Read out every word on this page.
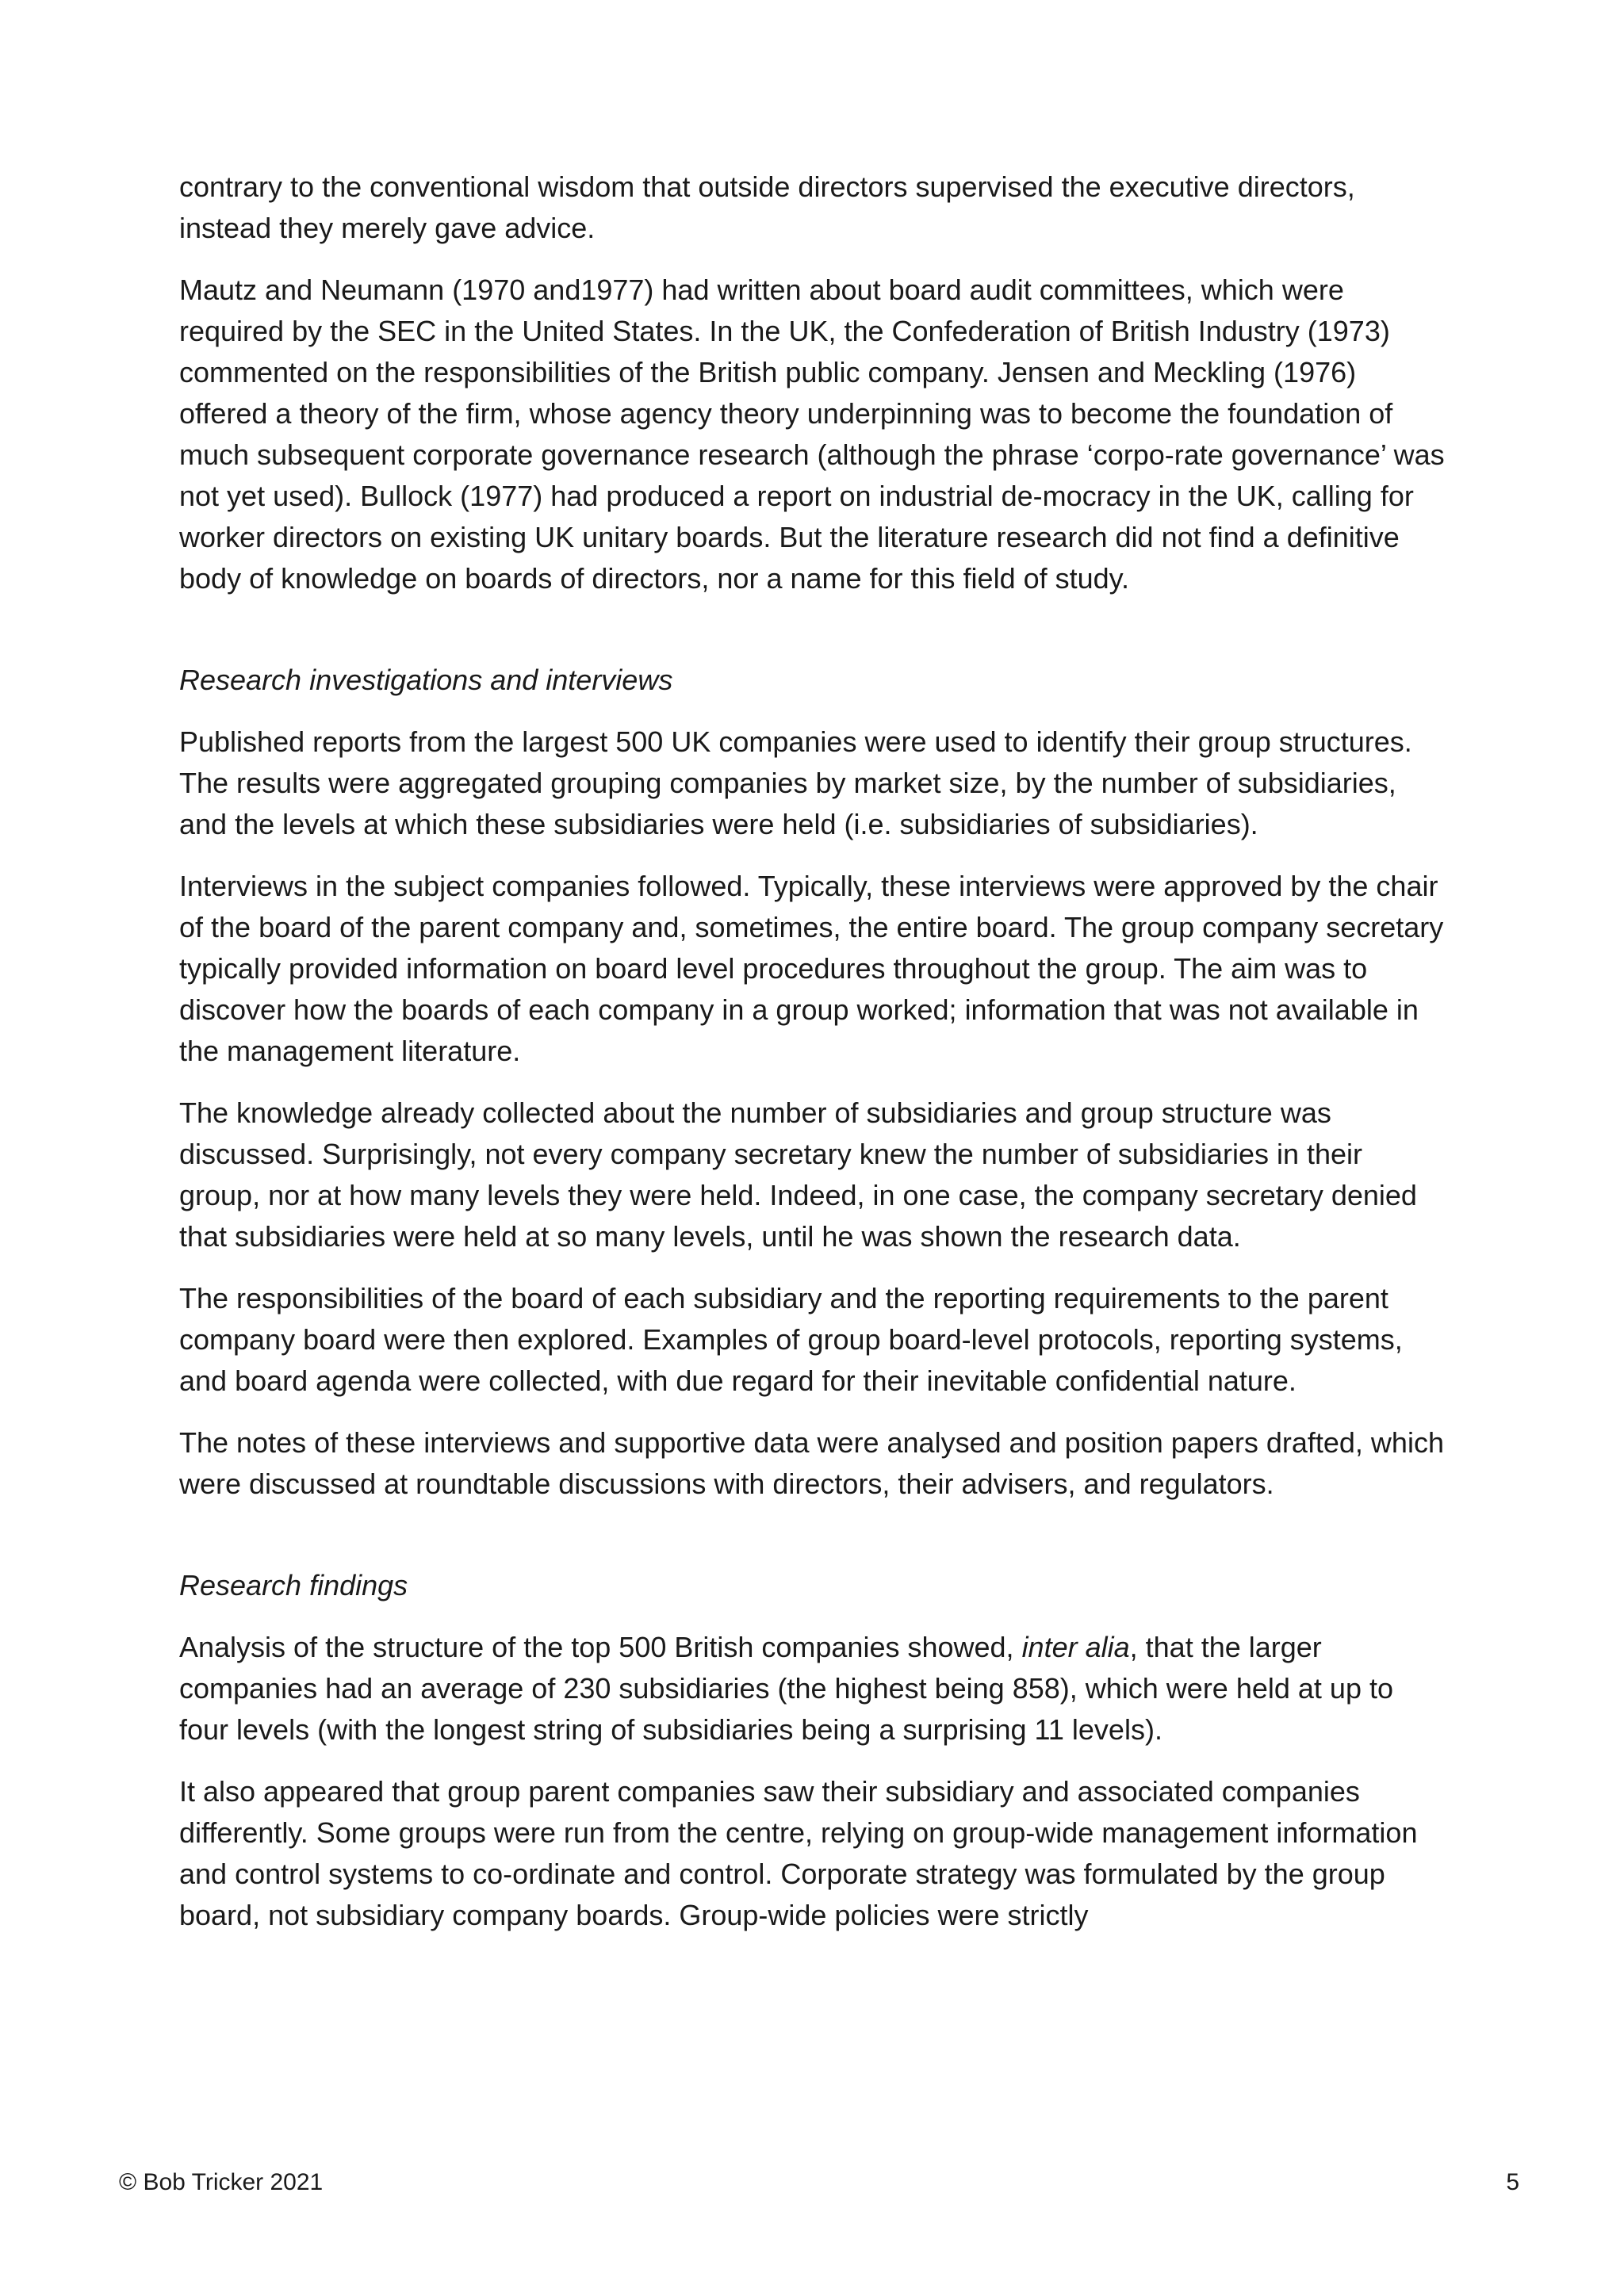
contrary to the conventional wisdom that outside directors supervised the executive directors, instead they merely gave advice.

Mautz and Neumann (1970 and1977) had written about board audit committees, which were required by the SEC in the United States. In the UK, the Confederation of British Industry (1973) commented on the responsibilities of the British public company. Jensen and Meckling (1976) offered a theory of the firm, whose agency theory underpinning was to become the foundation of much subsequent corporate governance research (although the phrase ‘corpo-rate governance’ was not yet used). Bullock (1977) had produced a report on industrial de-mocracy in the UK, calling for worker directors on existing UK unitary boards. But the literature research did not find a definitive body of knowledge on boards of directors, nor a name for this field of study.

Research investigations and interviews

Published reports from the largest 500 UK companies were used to identify their group structures. The results were aggregated grouping companies by market size, by the number of subsidiaries, and the levels at which these subsidiaries were held (i.e. subsidiaries of subsidiaries).

Interviews in the subject companies followed. Typically, these interviews were approved by the chair of the board of the parent company and, sometimes, the entire board. The group company secretary typically provided information on board level procedures throughout the group. The aim was to discover how the boards of each company in a group worked; information that was not available in the management literature.

The knowledge already collected about the number of subsidiaries and group structure was discussed. Surprisingly, not every company secretary knew the number of subsidiaries in their group, nor at how many levels they were held. Indeed, in one case, the company secretary denied that subsidiaries were held at so many levels, until he was shown the research data.

The responsibilities of the board of each subsidiary and the reporting requirements to the parent company board were then explored. Examples of group board-level protocols, reporting systems, and board agenda were collected, with due regard for their inevitable confidential nature.

The notes of these interviews and supportive data were analysed and position papers drafted, which were discussed at roundtable discussions with directors, their advisers, and regulators.

Research findings

Analysis of the structure of the top 500 British companies showed, inter alia, that the larger companies had an average of 230 subsidiaries (the highest being 858), which were held at up to four levels (with the longest string of subsidiaries being a surprising 11 levels).

It also appeared that group parent companies saw their subsidiary and associated companies differently. Some groups were run from the centre, relying on group-wide management information and control systems to co-ordinate and control. Corporate strategy was formulated by the group board, not subsidiary company boards. Group-wide policies were strictly

© Bob Tricker 2021	5
